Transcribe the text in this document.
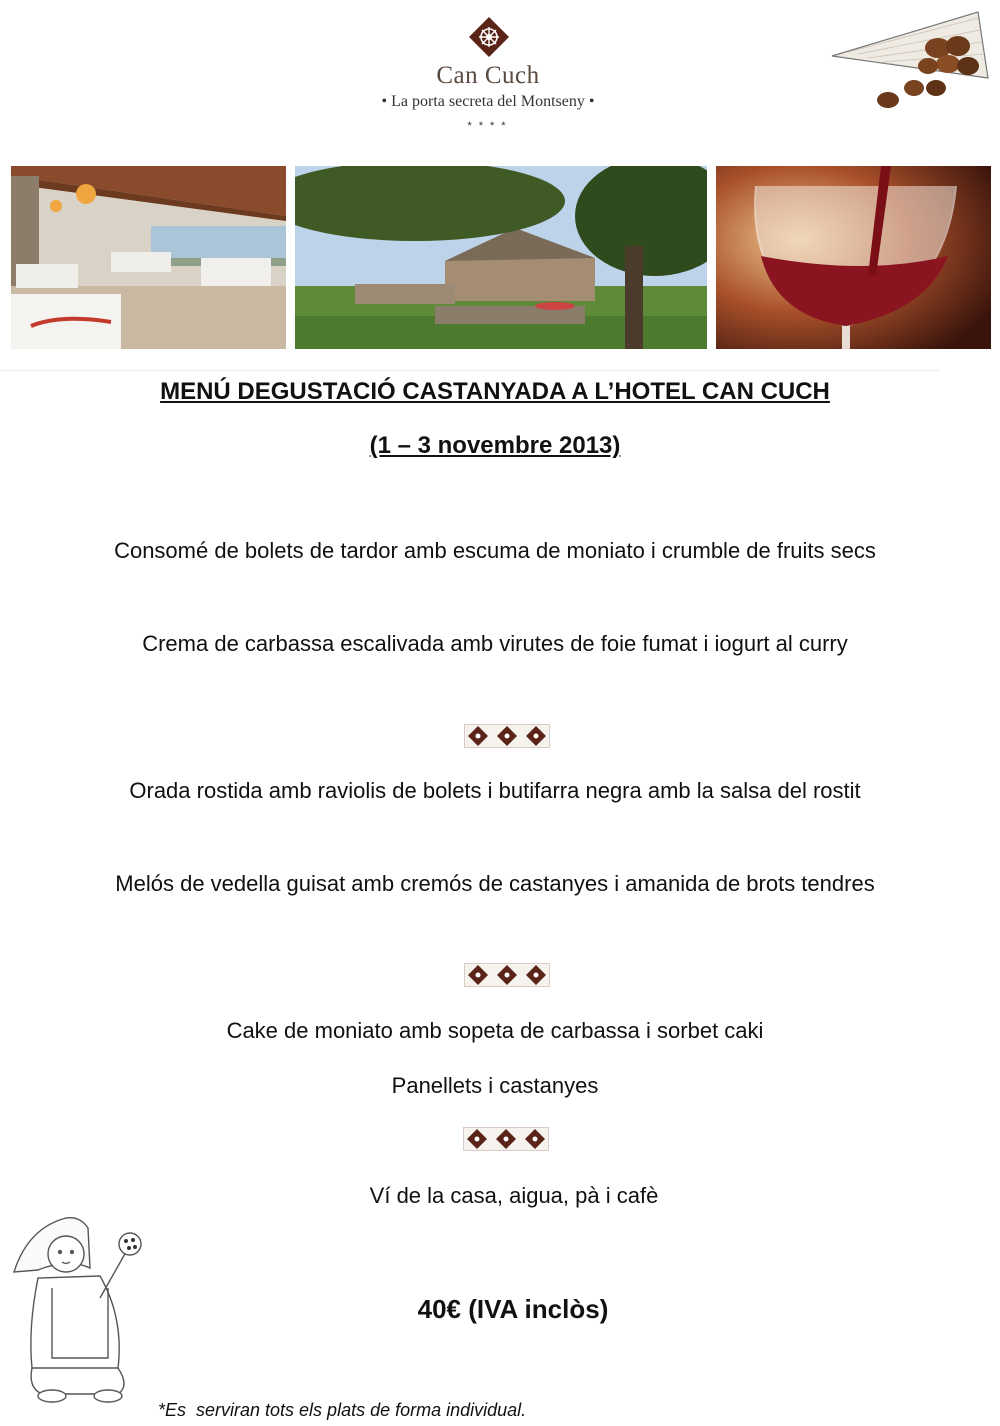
Can Cuch
• La porta secreta del Montseny •
****
MENÚ DEGUSTACIÓ CASTANYADA A L’HOTEL CAN CUCH
(1 – 3 novembre 2013)
Consomé de bolets de tardor amb escuma de moniato i crumble de fruits secs
Crema de carbassa escalivada amb virutes de foie fumat i iogurt al curry
Orada rostida amb raviolis de bolets i butifarra negra amb la salsa del rostit
Melós de vedella guisat amb cremós de castanyes i amanida de brots tendres
Cake de moniato amb sopeta de carbassa i sorbet caki
Panellets i castanyes
Ví de la casa, aigua, pà i cafè
40€ (IVA inclòs)
*Es  serviran tots els plats de forma individual.
